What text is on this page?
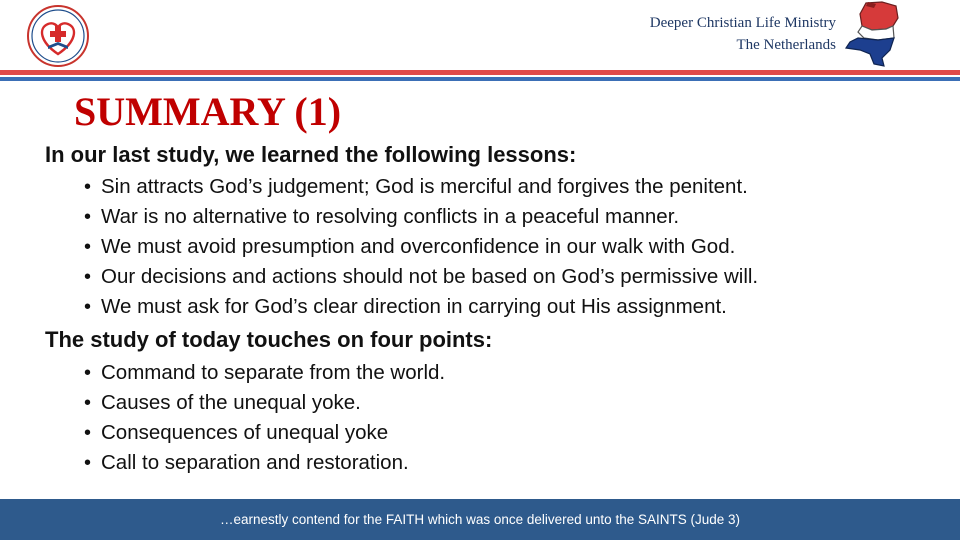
Deeper Christian Life Ministry
The Netherlands
SUMMARY (1)
In our last study, we learned the following lessons:
• Sin attracts God’s judgement; God is merciful and forgives the penitent.
• War is no alternative to resolving conflicts in a peaceful manner.
• We must avoid presumption and overconfidence in our walk with God.
• Our decisions and actions should not be based on God’s permissive will.
• We must ask for God’s clear direction in carrying out His assignment.
The study of today touches on four points:
• Command to separate from the world.
• Causes of the unequal yoke.
• Consequences of unequal yoke
• Call to separation and restoration.
…earnestly contend for the FAITH which was once delivered unto the SAINTS (Jude 3)
